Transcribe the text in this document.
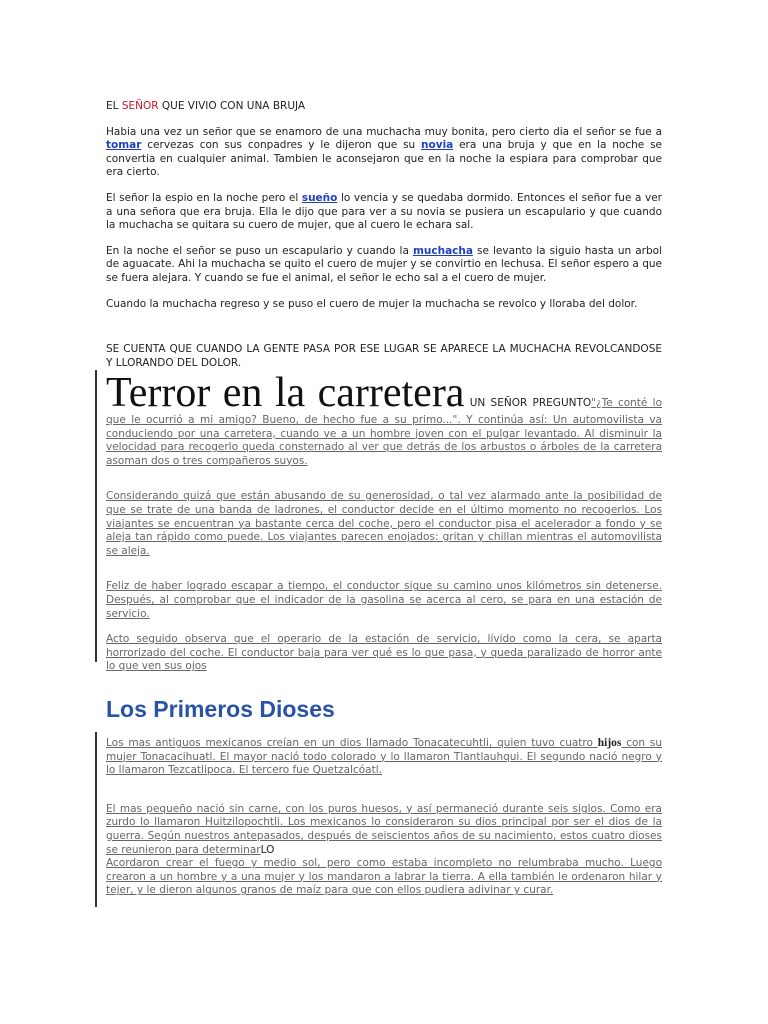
EL SEÑOR QUE VIVIO CON UNA BRUJA

Habia una vez un señor que se enamoro de una muchacha muy bonita, pero cierto dia el señor se fue a tomar cervezas con sus conpadres y le dijeron que su novia era una bruja y que en la noche se convertia en cualquier animal. Tambien le aconsejaron que en la noche la espiara para comprobar que era cierto.

El señor la espio en la noche pero el sueño lo vencia y se quedaba dormido. Entonces el señor fue a ver a una señora que era bruja. Ella le dijo que para ver a su novia se pusiera un escapulario y que cuando la muchacha se quitara su cuero de mujer, que al cuero le echara sal.

En la noche el señor se puso un escapulario y cuando la muchacha se levanto la siguio hasta un arbol de aguacate. Ahi la muchacha se quito el cuero de mujer y se convirtio en lechusa. El señor espero a que se fuera alejara. Y cuando se fue el animal, el señor le echo sal a el cuero de mujer.

Cuando la muchacha regreso y se puso el cuero de mujer la muchacha se revolco y lloraba del dolor.

SE CUENTA QUE CUANDO LA GENTE PASA POR ESE LUGAR SE APARECE LA MUCHACHA REVOLCANDOSE Y LLORANDO DEL DOLOR.

Terror en la carretera UN SEÑOR PREGUNTO"¿Te conté lo que le ocurrió a mi amigo? Bueno, de hecho fue a su primo...". Y continúa así: Un automovilista va conduciendo por una carretera, cuando ve a un hombre joven con el pulgar levantado. Al disminuir la velocidad para recogerlo queda consternado al ver que detrás de los arbustos o árboles de la carretera asoman dos o tres compañeros suyos.

Considerando quizá que están abusando de su generosidad, o tal vez alarmado ante la posibilidad de que se trate de una banda de ladrones, el conductor decide en el último momento no recogerlos. Los viajantes se encuentran ya bastante cerca del coche, pero el conductor pisa el acelerador a fondo y se aleja tan rápido como puede. Los viajantes parecen enojados: gritan y chillan mientras el automovilista se aleja.

Feliz de haber logrado escapar a tiempo, el conductor sigue su camino unos kilómetros sin detenerse. Después, al comprobar que el indicador de la gasolina se acerca al cero, se para en una estación de servicio.

Acto seguido observa que el operario de la estación de servicio, lívido como la cera, se aparta horrorizado del coche. El conductor baja para ver qué es lo que pasa, y queda paralizado de horror ante lo que ven sus ojos

Los Primeros Dioses

Los mas antiguos mexicanos creían en un dios llamado Tonacatecuhtli, quien tuvo cuatro hijos con su mujer Tonacacihuatl. El mayor nació todo colorado y lo llamaron Tlantlauhqui. El segundo nació negro y lo llamaron Tezcatlipoca. El tercero fue Quetzalcóatl.

El mas pequeño nació sin carne, con los puros huesos, y así permaneció durante seis siglos. Como era zurdo lo llamaron Huitzilopochtli. Los mexicanos lo consideraron su dios principal por ser el dios de la guerra. Según nuestros antepasados, después de seiscientos años de su nacimiento, estos cuatro dioses se reunieron para determinarLO

Acordaron crear el fuego y medio sol, pero como estaba incompleto no relumbraba mucho. Luego crearon a un hombre y a una mujer y los mandaron a labrar la tierra. A ella también le ordenaron hilar y tejer, y le dieron algunos granos de maíz para que con ellos pudiera adivinar y curar.
